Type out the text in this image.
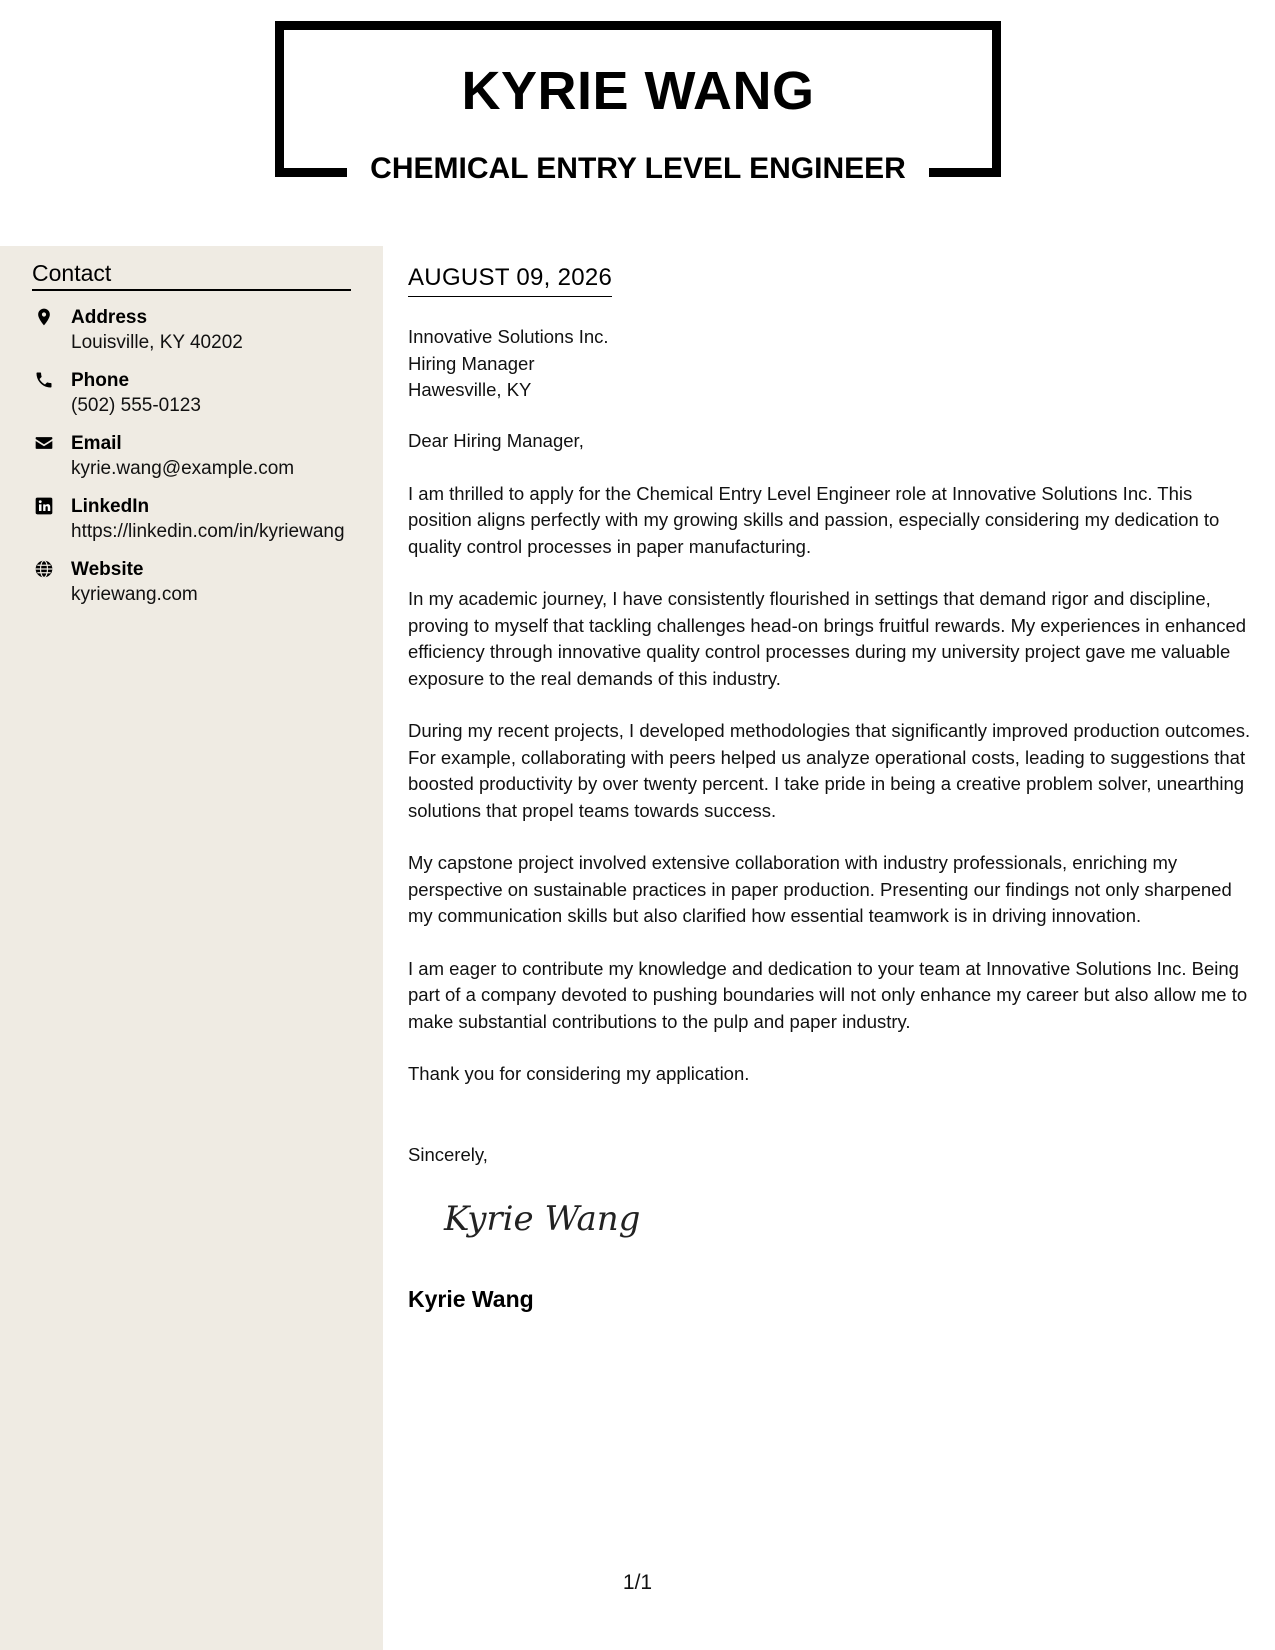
KYRIE WANG
CHEMICAL ENTRY LEVEL ENGINEER
Contact
Address
Louisville, KY 40202
Phone
(502) 555-0123
Email
kyrie.wang@example.com
LinkedIn
https://linkedin.com/in/kyriewang
Website
kyriewang.com
AUGUST 09, 2026
Innovative Solutions Inc.
Hiring Manager
Hawesville, KY

Dear Hiring Manager,

I am thrilled to apply for the Chemical Entry Level Engineer role at Innovative Solutions Inc. This position aligns perfectly with my growing skills and passion, especially considering my dedication to quality control processes in paper manufacturing.

In my academic journey, I have consistently flourished in settings that demand rigor and discipline, proving to myself that tackling challenges head-on brings fruitful rewards. My experiences in enhanced efficiency through innovative quality control processes during my university project gave me valuable exposure to the real demands of this industry.

During my recent projects, I developed methodologies that significantly improved production outcomes. For example, collaborating with peers helped us analyze operational costs, leading to suggestions that boosted productivity by over twenty percent. I take pride in being a creative problem solver, unearthing solutions that propel teams towards success.

My capstone project involved extensive collaboration with industry professionals, enriching my perspective on sustainable practices in paper production. Presenting our findings not only sharpened my communication skills but also clarified how essential teamwork is in driving innovation.

I am eager to contribute my knowledge and dedication to your team at Innovative Solutions Inc. Being part of a company devoted to pushing boundaries will not only enhance my career but also allow me to make substantial contributions to the pulp and paper industry.

Thank you for considering my application.

Sincerely,
Kyrie Wang
Kyrie Wang
1/1
